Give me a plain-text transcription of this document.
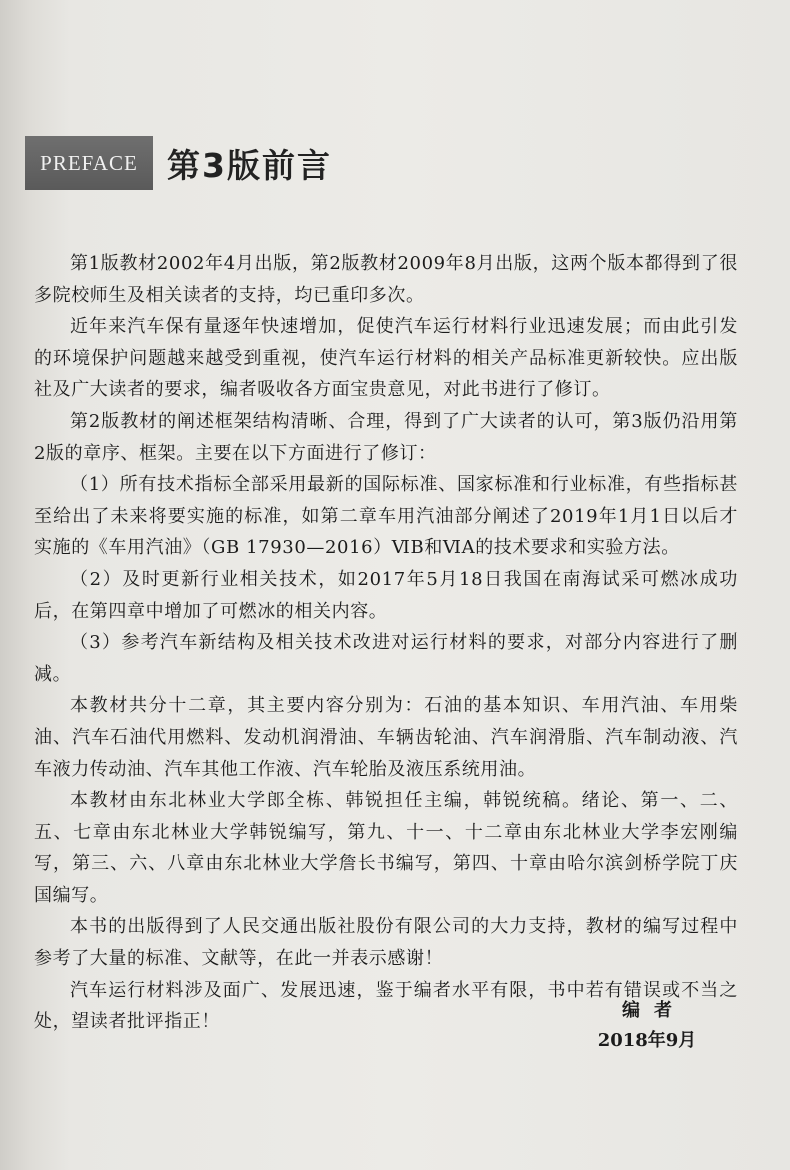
PREFACE 第3版前言

第1版教材2002年4月出版，第2版教材2009年8月出版，这两个版本都得到了很多院校师生及相关读者的支持，均已重印多次。

近年来汽车保有量逐年快速增加，促使汽车运行材料行业迅速发展；而由此引发的环境保护问题越来越受到重视，使汽车运行材料的相关产品标准更新较快。应出版社及广大读者的要求，编者吸收各方面宝贵意见，对此书进行了修订。

第2版教材的阐述框架结构清晰、合理，得到了广大读者的认可，第3版仍沿用第2版的章序、框架。主要在以下方面进行了修订：

（1）所有技术指标全部采用最新的国际标准、国家标准和行业标准，有些指标甚至给出了未来将要实施的标准，如第二章车用汽油部分阐述了2019年1月1日以后才实施的《车用汽油》（GB 17930—2016）ⅥB和ⅥA的技术要求和实验方法。

（2）及时更新行业相关技术，如2017年5月18日我国在南海试采可燃冰成功后，在第四章中增加了可燃冰的相关内容。

（3）参考汽车新结构及相关技术改进对运行材料的要求，对部分内容进行了删减。

本教材共分十二章，其主要内容分别为：石油的基本知识、车用汽油、车用柴油、汽车石油代用燃料、发动机润滑油、车辆齿轮油、汽车润滑脂、汽车制动液、汽车液力传动油、汽车其他工作液、汽车轮胎及液压系统用油。

本教材由东北林业大学郎全栋、韩锐担任主编，韩锐统稿。绪论、第一、二、五、七章由东北林业大学韩锐编写，第九、十一、十二章由东北林业大学李宏刚编写，第三、六、八章由东北林业大学詹长书编写，第四、十章由哈尔滨剑桥学院丁庆国编写。

本书的出版得到了人民交通出版社股份有限公司的大力支持，教材的编写过程中参考了大量的标准、文献等，在此一并表示感谢！

汽车运行材料涉及面广、发展迅速，鉴于编者水平有限，书中若有错误或不当之处，望读者批评指正！

编者
2018年9月
